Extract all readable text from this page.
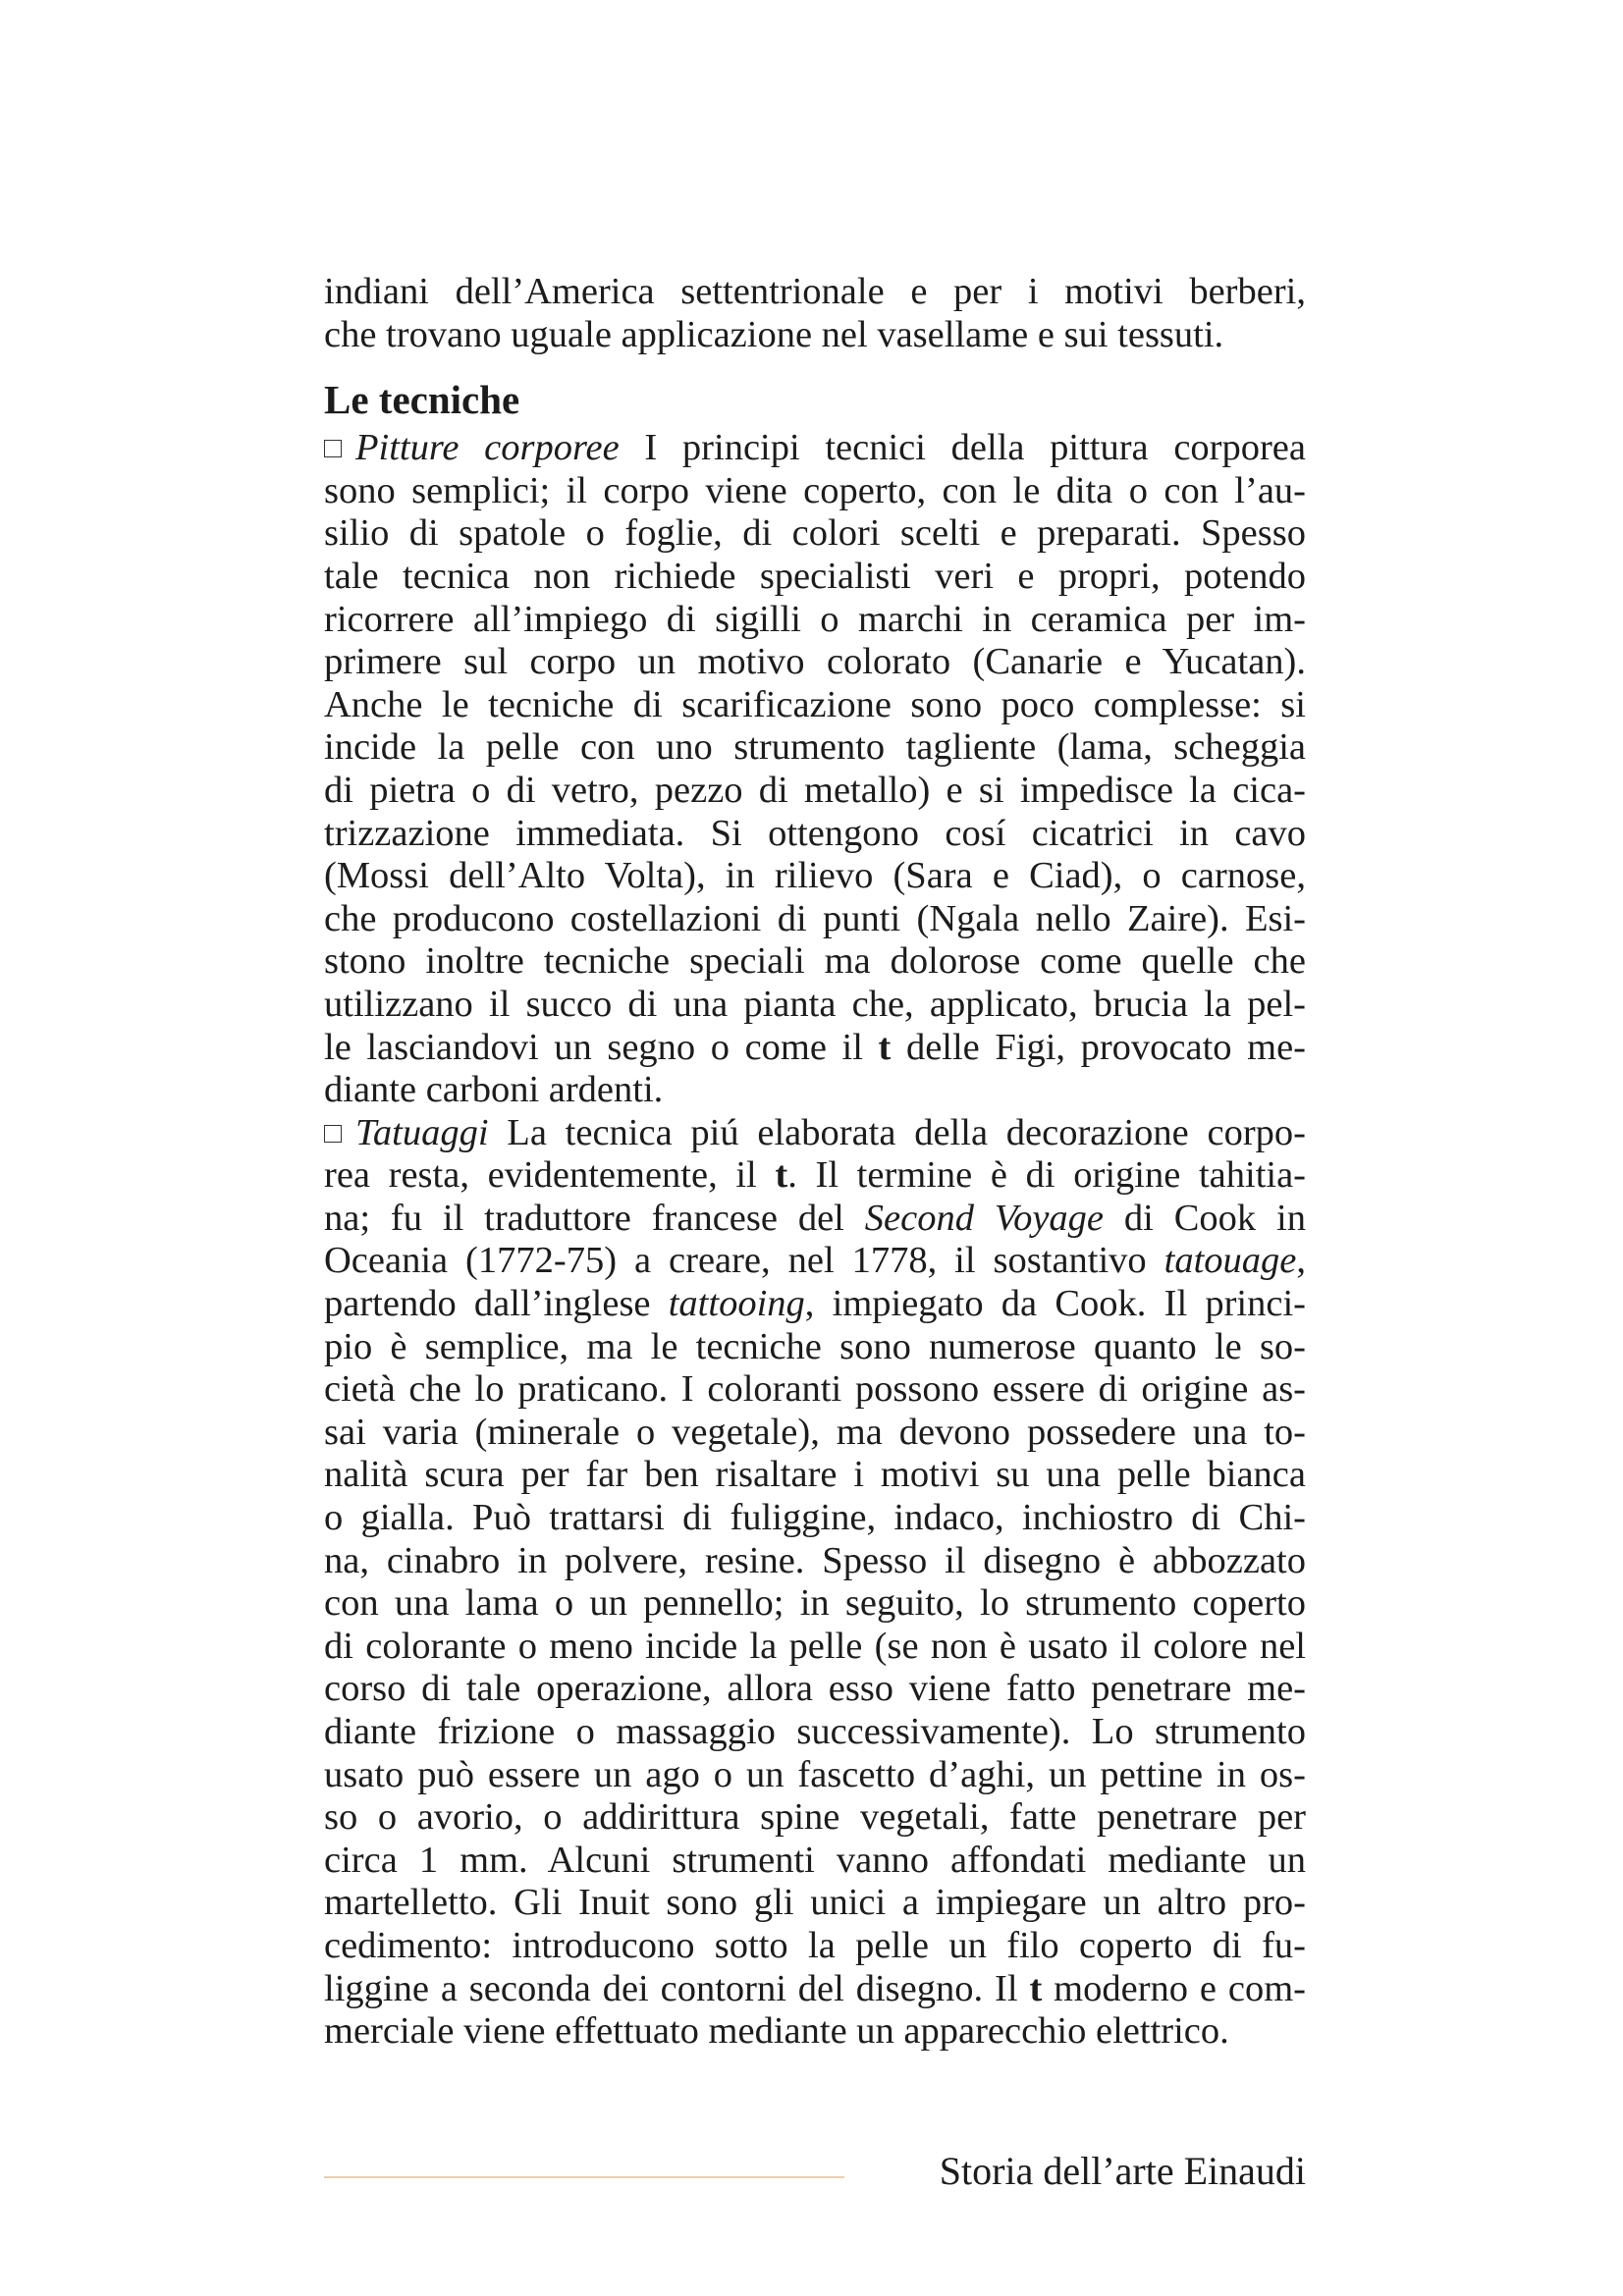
indiani dell’America settentrionale e per i motivi berberi,
che trovano uguale applicazione nel vasellame e sui tessuti.
Le tecniche
Pitture corporee I principi tecnici della pittura corporea
sono semplici; il corpo viene coperto, con le dita o con l’au-
silio di spatole o foglie, di colori scelti e preparati. Spesso
tale tecnica non richiede specialisti veri e propri, potendo
ricorrere all’impiego di sigilli o marchi in ceramica per im-
primere sul corpo un motivo colorato (Canarie e Yucatan).
Anche le tecniche di scarificazione sono poco complesse: si
incide la pelle con uno strumento tagliente (lama, scheggia
di pietra o di vetro, pezzo di metallo) e si impedisce la cica-
trizzazione immediata. Si ottengono cosí cicatrici in cavo
(Mossi dell’Alto Volta), in rilievo (Sara e Ciad), o carnose,
che producono costellazioni di punti (Ngala nello Zaire). Esi-
stono inoltre tecniche speciali ma dolorose come quelle che
utilizzano il succo di una pianta che, applicato, brucia la pel-
le lasciandovi un segno o come il t delle Figi, provocato me-
diante carboni ardenti.
Tatuaggi La tecnica piú elaborata della decorazione corpo-
rea resta, evidentemente, il t. Il termine è di origine tahitia-
na; fu il traduttore francese del Second Voyage di Cook in
Oceania (1772-75) a creare, nel 1778, il sostantivo tatouage,
partendo dall’inglese tattooing, impiegato da Cook. Il princi-
pio è semplice, ma le tecniche sono numerose quanto le so-
cietà che lo praticano. I coloranti possono essere di origine as-
sai varia (minerale o vegetale), ma devono possedere una to-
nalità scura per far ben risaltare i motivi su una pelle bianca
o gialla. Può trattarsi di fuliggine, indaco, inchiostro di Chi-
na, cinabro in polvere, resine. Spesso il disegno è abbozzato
con una lama o un pennello; in seguito, lo strumento coperto
di colorante o meno incide la pelle (se non è usato il colore nel
corso di tale operazione, allora esso viene fatto penetrare me-
diante frizione o massaggio successivamente). Lo strumento
usato può essere un ago o un fascetto d’aghi, un pettine in os-
so o avorio, o addirittura spine vegetali, fatte penetrare per
circa 1 mm. Alcuni strumenti vanno affondati mediante un
martelletto. Gli Inuit sono gli unici a impiegare un altro pro-
cedimento: introducono sotto la pelle un filo coperto di fu-
liggine a seconda dei contorni del disegno. Il t moderno e com-
merciale viene effettuato mediante un apparecchio elettrico.
Storia dell’arte Einaudi
